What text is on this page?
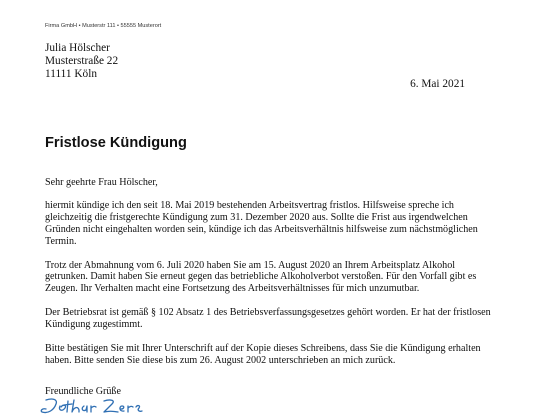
Firma GmbH • Musterstr 111 • 55555 Musterort
Julia Hölscher
Musterstraße 22
11111 Köln
6. Mai 2021
Fristlose Kündigung

Sehr geehrte Frau Hölscher,

hiermit kündige ich den seit 18. Mai 2019 bestehenden Arbeitsvertrag fristlos. Hilfsweise spreche ich gleichzeitig die fristgerechte Kündigung zum 31. Dezember 2020 aus. Sollte die Frist aus irgendwelchen Gründen nicht eingehalten worden sein, kündige ich das Arbeitsverhältnis hilfsweise zum nächstmöglichen Termin.

Trotz der Abmahnung vom 6. Juli 2020 haben Sie am 15. August 2020 an Ihrem Arbeitsplatz Alkohol getrunken. Damit haben Sie erneut gegen das betriebliche Alkoholverbot verstoßen. Für den Vorfall gibt es Zeugen. Ihr Verhalten macht eine Fortsetzung des Arbeitsverhältnisses für mich unzumutbar.

Der Betriebsrat ist gemäß § 102 Absatz 1 des Betriebsverfassungsgesetzes gehört worden. Er hat der fristlosen Kündigung zugestimmt.

Bitte bestätigen Sie mit Ihrer Unterschrift auf der Kopie dieses Schreibens, dass Sie die Kündigung erhalten haben. Bitte senden Sie diese bis zum 26. August 2002 unterschrieben an mich zurück.

Freundliche Grüße
